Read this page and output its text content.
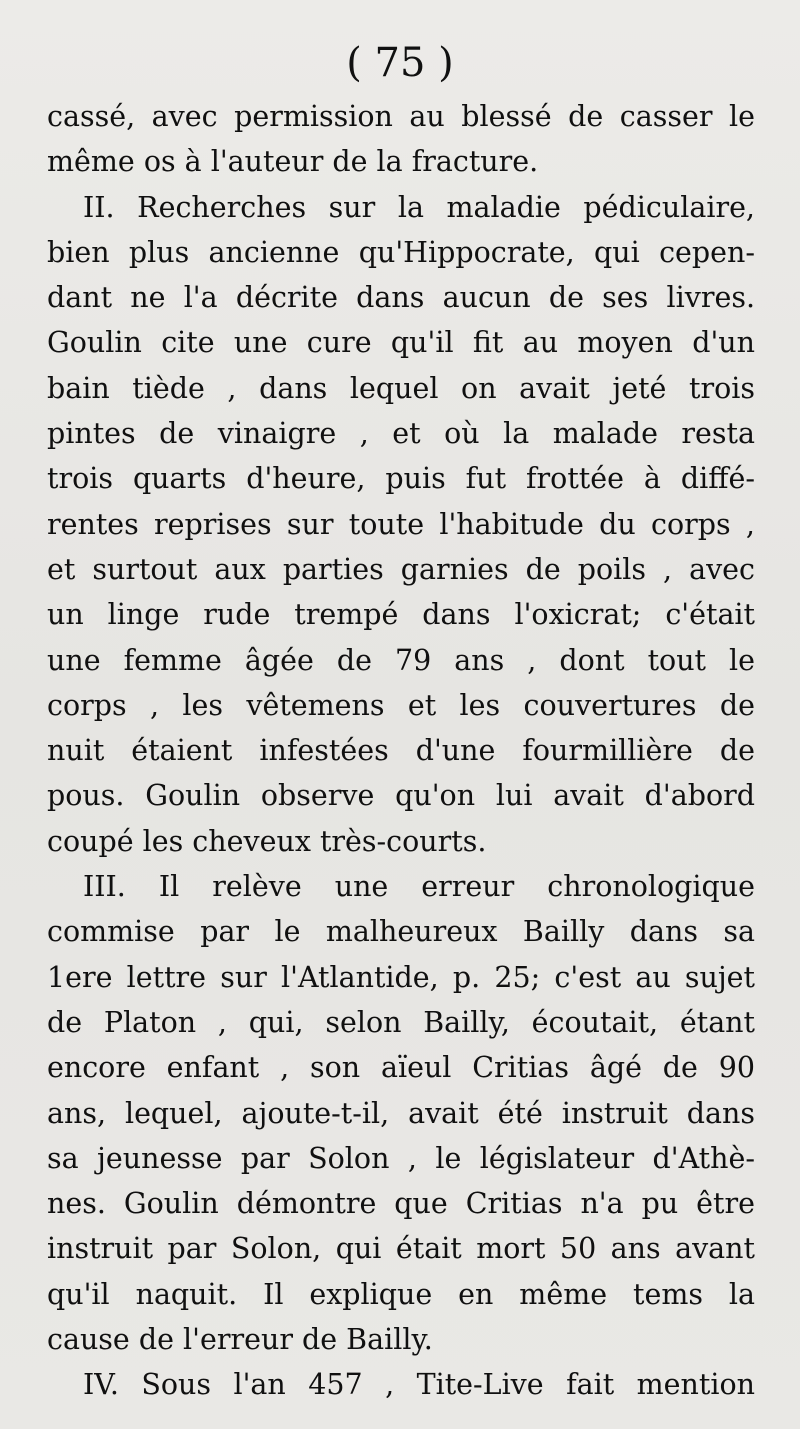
( 75 )
cassé, avec permission au blessé de casser le
même os à l'auteur de la fracture.
II. Recherches sur la maladie pédiculaire,
bien plus ancienne qu'Hippocrate, qui cepen-
dant ne l'a décrite dans aucun de ses livres.
Goulin cite une cure qu'il fit au moyen d'un
bain tiède , dans lequel on avait jeté trois
pintes de vinaigre , et où la malade resta
trois quarts d'heure, puis fut frottée à diffé-
rentes reprises sur toute l'habitude du corps ,
et surtout aux parties garnies de poils , avec
un linge rude trempé dans l'oxicrat; c'était
une femme âgée de 79 ans , dont tout le
corps , les vêtemens et les couvertures de
nuit étaient infestées d'une fourmillière de
pous. Goulin observe qu'on lui avait d'abord
coupé les cheveux très-courts.
III. Il relève une erreur chronologique
commise par le malheureux Bailly dans sa
1ere lettre sur l'Atlantide, p. 25; c'est au sujet
de Platon , qui, selon Bailly, écoutait, étant
encore enfant , son aïeul Critias âgé de 90
ans, lequel, ajoute-t-il, avait été instruit dans
sa jeunesse par Solon , le législateur d'Athè-
nes. Goulin démontre que Critias n'a pu être
instruit par Solon, qui était mort 50 ans avant
qu'il naquit. Il explique en même tems la
cause de l'erreur de Bailly.
IV. Sous l'an 457 , Tite-Live fait mention
